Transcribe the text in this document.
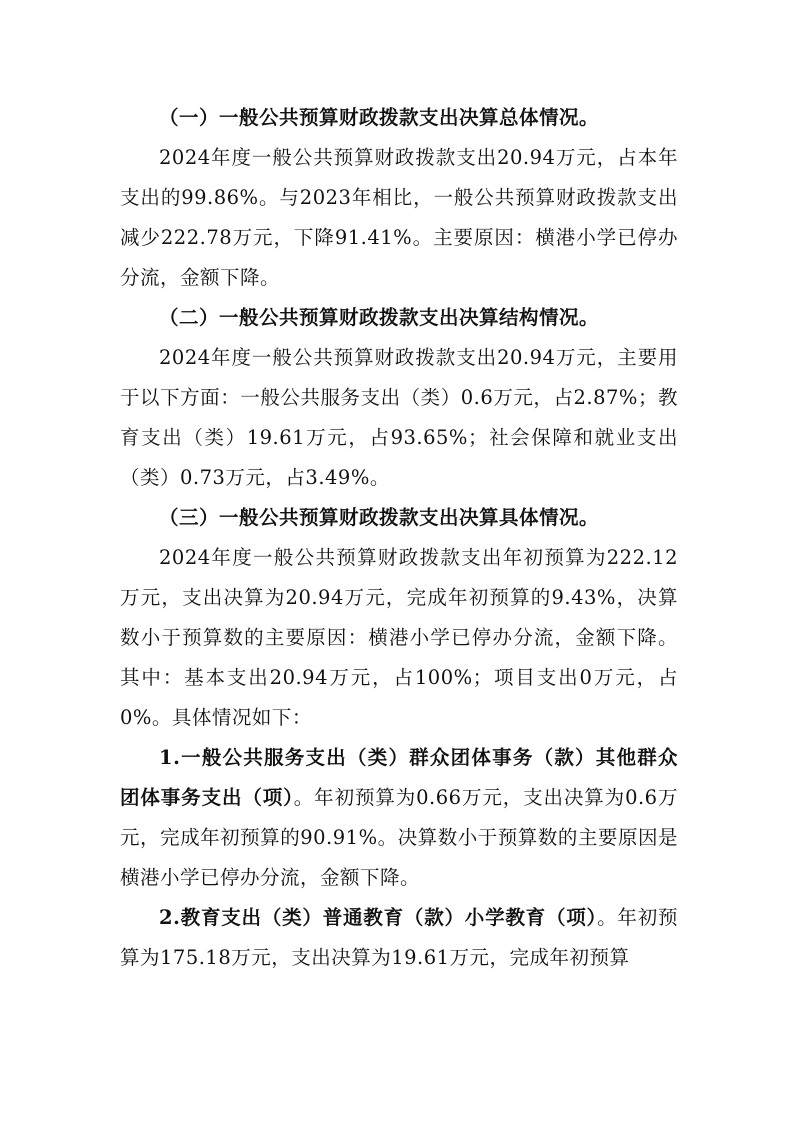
（一）一般公共预算财政拨款支出决算总体情况。

2024年度一般公共预算财政拨款支出20.94万元，占本年支出的99.86%。与2023年相比，一般公共预算财政拨款支出减少222.78万元，下降91.41%。主要原因：横港小学已停办分流，金额下降。

（二）一般公共预算财政拨款支出决算结构情况。

2024年度一般公共预算财政拨款支出20.94万元，主要用于以下方面：一般公共服务支出（类）0.6万元，占2.87%；教育支出（类）19.61万元，占93.65%；社会保障和就业支出（类）0.73万元，占3.49%。

（三）一般公共预算财政拨款支出决算具体情况。

2024年度一般公共预算财政拨款支出年初预算为222.12万元，支出决算为20.94万元，完成年初预算的9.43%，决算数小于预算数的主要原因：横港小学已停办分流，金额下降。其中：基本支出20.94万元，占100%；项目支出0万元，占0%。具体情况如下：

1.一般公共服务支出（类）群众团体事务（款）其他群众团体事务支出（项）。年初预算为0.66万元，支出决算为0.6万元，完成年初预算的90.91%。决算数小于预算数的主要原因是横港小学已停办分流，金额下降。

2.教育支出（类）普通教育（款）小学教育（项）。年初预算为175.18万元，支出决算为19.61万元，完成年初预算
